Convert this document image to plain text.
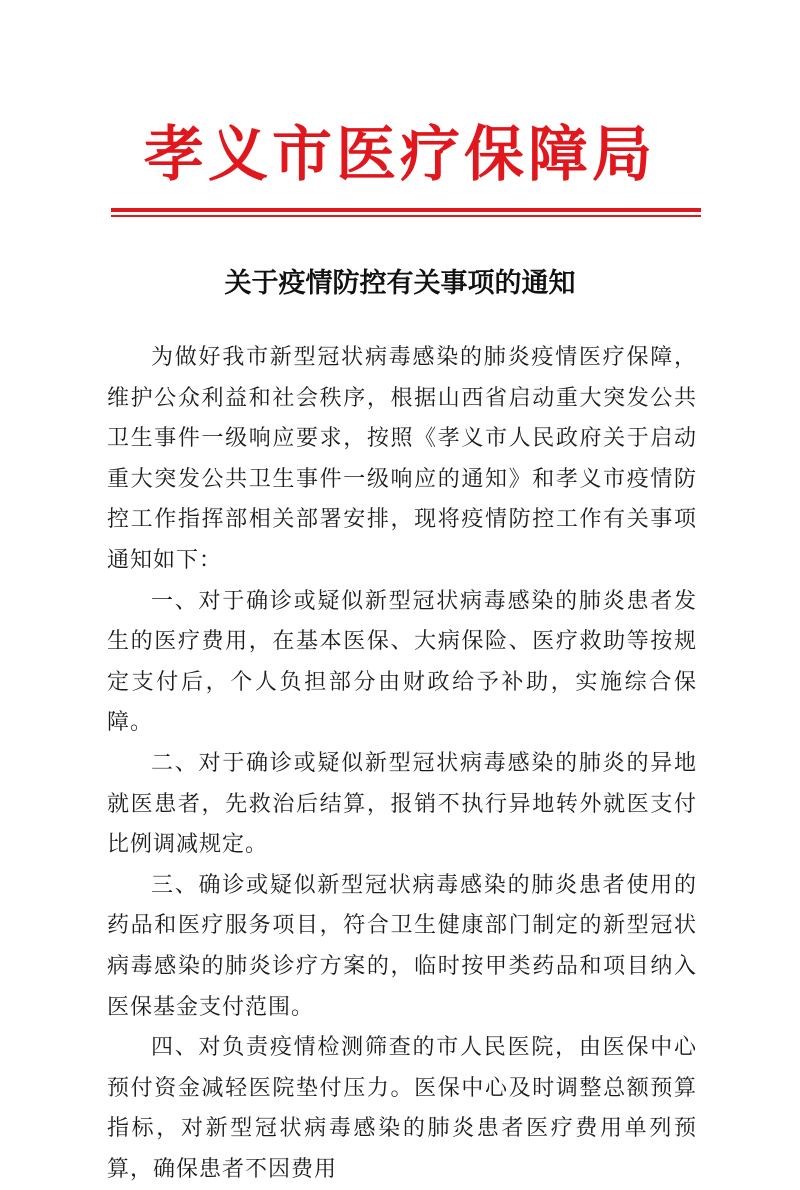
孝义市医疗保障局
关于疫情防控有关事项的通知

为做好我市新型冠状病毒感染的肺炎疫情医疗保障，维护公众利益和社会秩序，根据山西省启动重大突发公共卫生事件一级响应要求，按照《孝义市人民政府关于启动重大突发公共卫生事件一级响应的通知》和孝义市疫情防控工作指挥部相关部署安排，现将疫情防控工作有关事项通知如下：

一、对于确诊或疑似新型冠状病毒感染的肺炎患者发生的医疗费用，在基本医保、大病保险、医疗救助等按规定支付后，个人负担部分由财政给予补助，实施综合保障。

二、对于确诊或疑似新型冠状病毒感染的肺炎的异地就医患者，先救治后结算，报销不执行异地转外就医支付比例调减规定。

三、确诊或疑似新型冠状病毒感染的肺炎患者使用的药品和医疗服务项目，符合卫生健康部门制定的新型冠状病毒感染的肺炎诊疗方案的，临时按甲类药品和项目纳入医保基金支付范围。

四、对负责疫情检测筛查的市人民医院，由医保中心预付资金减轻医院垫付压力。医保中心及时调整总额预算指标，对新型冠状病毒感染的肺炎患者医疗费用单列预算，确保患者不因费用
